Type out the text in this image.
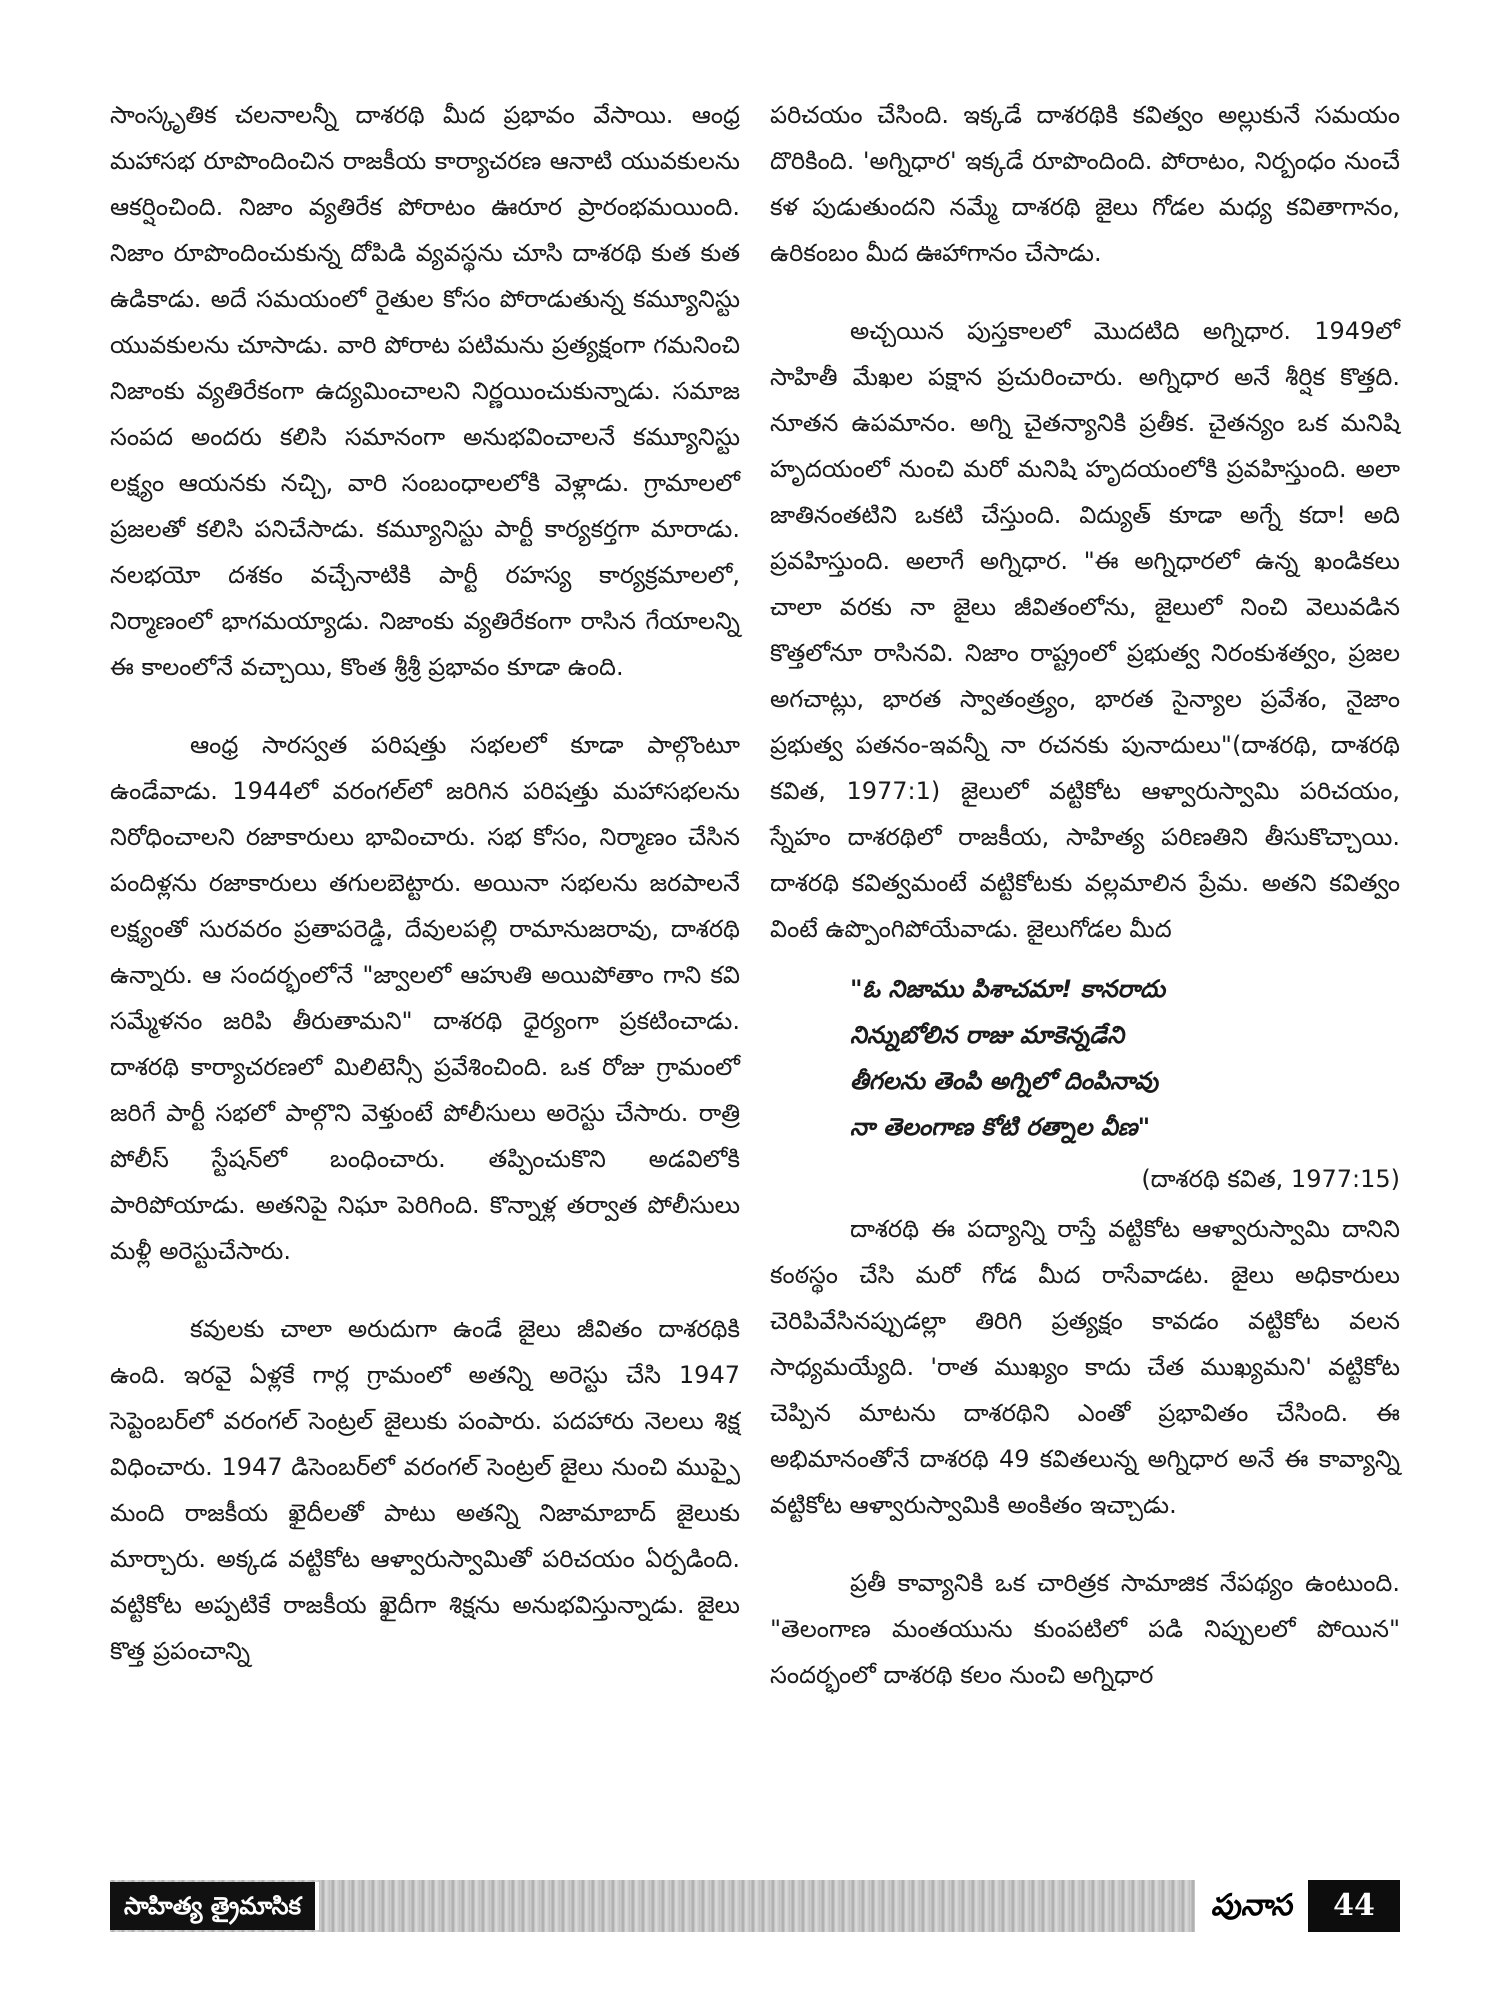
సాంస్కృతిక చలనాలన్నీ దాశరథి మీద ప్రభావం వేసాయి. ఆంధ్ర మహాసభ రూపొందించిన రాజకీయ కార్యాచరణ ఆనాటి యువకులను ఆకర్షించింది. నిజాం వ్యతిరేక పోరాటం ఊరూర ప్రారంభమయింది. నిజాం రూపొందించుకున్న దోపిడి వ్యవస్థను చూసి దాశరథి కుత కుత ఉడికాడు. అదే సమయంలో రైతుల కోసం పోరాడుతున్న కమ్యూనిస్టు యువకులను చూసాడు. వారి పోరాట పటిమను ప్రత్యక్షంగా గమనించి నిజాంకు వ్యతిరేకంగా ఉద్యమించాలని నిర్ణయించుకున్నాడు. సమాజ సంపద అందరు కలిసి సమానంగా అనుభవించాలనే కమ్యూనిస్టు లక్ష్యం ఆయనకు నచ్చి, వారి సంబంధాలలోకి వెళ్లాడు. గ్రామాలలో ప్రజలతో కలిసి పనిచేసాడు. కమ్యూనిస్టు పార్టీ కార్యకర్తగా మారాడు. నలభయో దశకం వచ్చేనాటికి పార్టీ రహస్య కార్యక్రమాలలో, నిర్మాణంలో భాగమయ్యాడు. నిజాంకు వ్యతిరేకంగా రాసిన గేయాలన్ని ఈ కాలంలోనే వచ్చాయి, కొంత శ్రీశ్రీ ప్రభావం కూడా ఉంది.

ఆంధ్ర సారస్వత పరిషత్తు సభలలో కూడా పాల్గొంటూ ఉండేవాడు. 1944లో వరంగల్‌లో జరిగిన పరిషత్తు మహాసభలను నిరోధించాలని రజాకారులు భావించారు. సభ కోసం, నిర్మాణం చేసిన పందిళ్లను రజాకారులు తగులబెట్టారు. అయినా సభలను జరపాలనే లక్ష్యంతో సురవరం ప్రతాపరెడ్డి, దేవులపల్లి రామానుజరావు, దాశరథి ఉన్నారు. ఆ సందర్భంలోనే "జ్వాలలో ఆహుతి అయిపోతాం గాని కవి సమ్మేళనం జరిపి తీరుతామని" దాశరథి ధైర్యంగా ప్రకటించాడు. దాశరథి కార్యాచరణలో మిలిటెన్సీ ప్రవేశించింది. ఒక రోజు గ్రామంలో జరిగే పార్టీ సభలో పాల్గొని వెళ్తుంటే పోలీసులు అరెస్టు చేసారు. రాత్రి పోలీస్ స్టేషన్‌లో బంధించారు. తప్పించుకొని అడవిలోకి పారిపోయాడు. అతనిపై నిఘా పెరిగింది. కొన్నాళ్ల తర్వాత పోలీసులు మళ్లీ అరెస్టుచేసారు.

కవులకు చాలా అరుదుగా ఉండే జైలు జీవితం దాశరథికి ఉంది. ఇరవై ఏళ్లకే గార్ల గ్రామంలో అతన్ని అరెస్టు చేసి 1947 సెప్టెంబర్‌లో వరంగల్ సెంట్రల్ జైలుకు పంపారు. పదహారు నెలలు శిక్ష విధించారు. 1947 డిసెంబర్‌లో వరంగల్ సెంట్రల్ జైలు నుంచి ముప్పై మంది రాజకీయ ఖైదీలతో పాటు అతన్ని నిజామాబాద్ జైలుకు మార్చారు. అక్కడ వట్టికోట ఆళ్వారుస్వామితో పరిచయం ఏర్పడింది. వట్టికోట అప్పటికే రాజకీయ ఖైదీగా శిక్షను అనుభవిస్తున్నాడు. జైలు కొత్త ప్రపంచాన్ని

పరిచయం చేసింది. ఇక్కడే దాశరథికి కవిత్వం అల్లుకునే సమయం దొరికింది. 'అగ్నిధార' ఇక్కడే రూపొందింది. పోరాటం, నిర్బంధం నుంచే కళ పుడుతుందని నమ్మే దాశరథి జైలు గోడల మధ్య కవితాగానం, ఉరికంబం మీద ఊహాగానం చేసాడు.

అచ్చయిన పుస్తకాలలో మొదటిది అగ్నిధార. 1949లో సాహితీ మేఖల పక్షాన ప్రచురించారు. అగ్నిధార అనే శీర్షిక కొత్తది. నూతన ఉపమానం. అగ్ని చైతన్యానికి ప్రతీక. చైతన్యం ఒక మనిషి హృదయంలో నుంచి మరో మనిషి హృదయంలోకి ప్రవహిస్తుంది. అలా జాతినంతటిని ఒకటి చేస్తుంది. విద్యుత్ కూడా అగ్నే కదా! అది ప్రవహిస్తుంది. అలాగే అగ్నిధార. "ఈ అగ్నిధారలో ఉన్న ఖండికలు చాలా వరకు నా జైలు జీవితంలోను, జైలులో నించి వెలువడిన కొత్తలోనూ రాసినవి. నిజాం రాష్ట్రంలో ప్రభుత్వ నిరంకుశత్వం, ప్రజల అగచాట్లు, భారత స్వాతంత్ర్యం, భారత సైన్యాల ప్రవేశం, నైజాం ప్రభుత్వ పతనం-ఇవన్నీ నా రచనకు పునాదులు"(దాశరథి, దాశరథి కవిత, 1977:1) జైలులో వట్టికోట ఆళ్వారుస్వామి పరిచయం, స్నేహం దాశరథిలో రాజకీయ, సాహిత్య పరిణతిని తీసుకొచ్చాయి. దాశరథి కవిత్వమంటే వట్టికోటకు వల్లమాలిన ప్రేమ. అతని కవిత్వం వింటే ఉప్పొంగిపోయేవాడు. జైలుగోడల మీద

"ఓ నిజాము పిశాచమా! కానరాదు
నిన్నుబోలిన రాజు మాకెన్నడేని
తీగలను తెంపి అగ్నిలో దింపినావు
నా తెలంగాణ కోటి రత్నాల వీణ"
(దాశరథి కవిత, 1977:15)

దాశరథి ఈ పద్యాన్ని రాస్తే వట్టికోట ఆళ్వారుస్వామి దానిని కంఠస్థం చేసి మరో గోడ మీద రాసేవాడట. జైలు అధికారులు చెరిపివేసినప్పుడల్లా తిరిగి ప్రత్యక్షం కావడం వట్టికోట వలన సాధ్యమయ్యేది. 'రాత ముఖ్యం కాదు చేత ముఖ్యమని' వట్టికోట చెప్పిన మాటను దాశరథిని ఎంతో ప్రభావితం చేసింది. ఈ అభిమానంతోనే దాశరథి 49 కవితలున్న అగ్నిధార అనే ఈ కావ్యాన్ని వట్టికోట ఆళ్వారుస్వామికి అంకితం ఇచ్చాడు.

ప్రతీ కావ్యానికి ఒక చారిత్రక సామాజిక నేపథ్యం ఉంటుంది. "తెలంగాణ మంతయును కుంపటిలో పడి నిప్పులలో పోయిన" సందర్భంలో దాశరథి కలం నుంచి అగ్నిధార

సాహిత్య త్రైమాసిక	పునాస	44
